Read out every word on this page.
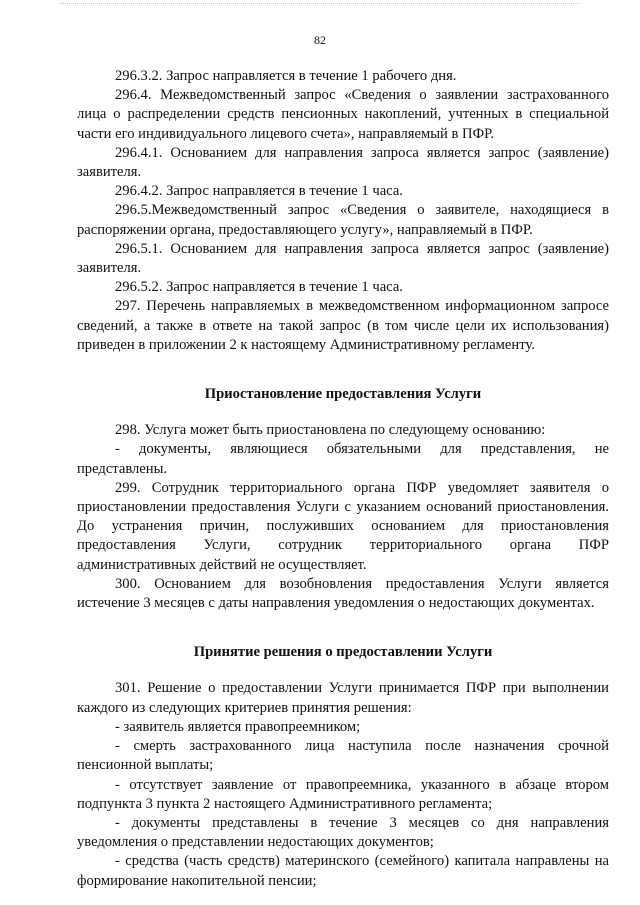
82

296.3.2. Запрос направляется в течение 1 рабочего дня.

296.4. Межведомственный запрос «Сведения о заявлении застрахованного лица о распределении средств пенсионных накоплений, учтенных в специальной части его индивидуального лицевого счета», направляемый в ПФР.

296.4.1. Основанием для направления запроса является запрос (заявление) заявителя.

296.4.2. Запрос направляется в течение 1 часа.

296.5.Межведомственный запрос «Сведения о заявителе, находящиеся в распоряжении органа, предоставляющего услугу», направляемый в ПФР.

296.5.1. Основанием для направления запроса является запрос (заявление) заявителя.

296.5.2. Запрос направляется в течение 1 часа.

297. Перечень направляемых в межведомственном информационном запросе сведений, а также в ответе на такой запрос (в том числе цели их использования) приведен в приложении 2 к настоящему Административному регламенту.

Приостановление предоставления Услуги

298. Услуга может быть приостановлена по следующему основанию:

- документы, являющиеся обязательными для представления, не представлены.

299. Сотрудник территориального органа ПФР уведомляет заявителя о приостановлении предоставления Услуги с указанием оснований приостановления. До устранения причин, послуживших основанием для приостановления предоставления Услуги, сотрудник территориального органа ПФР административных действий не осуществляет.

300. Основанием для возобновления предоставления Услуги является истечение 3 месяцев с даты направления уведомления о недостающих документах.

Принятие решения о предоставлении Услуги

301. Решение о предоставлении Услуги принимается ПФР при выполнении каждого из следующих критериев принятия решения:

- заявитель является правопреемником;

- смерть застрахованного лица наступила после назначения срочной пенсионной выплаты;

- отсутствует заявление от правопреемника, указанного в абзаце втором подпункта 3 пункта 2 настоящего Административного регламента;

- документы представлены в течение 3 месяцев со дня направления уведомления о представлении недостающих документов;

- средства (часть средств) материнского (семейного) капитала направлены на формирование накопительной пенсии;
